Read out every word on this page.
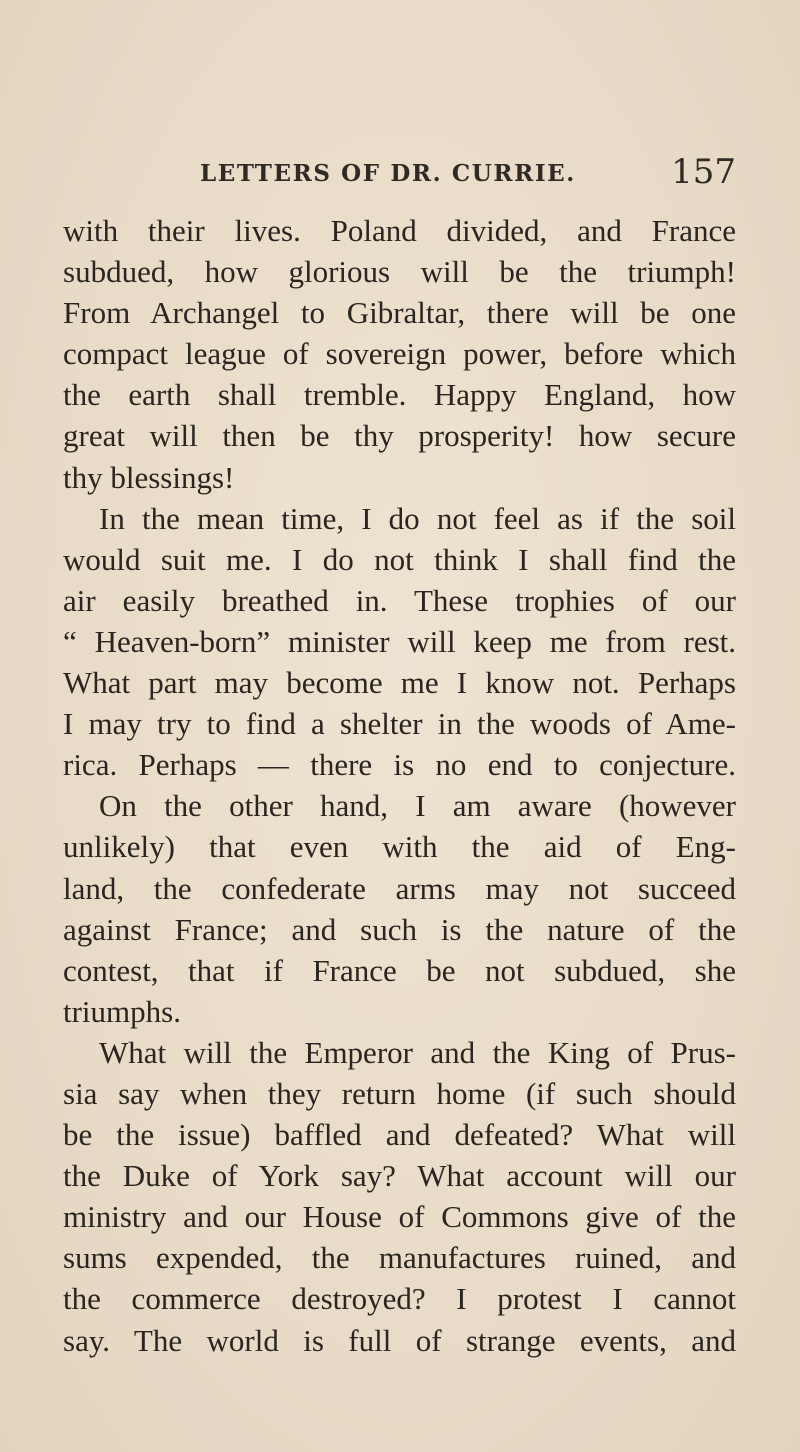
LETTERS OF DR. CURRIE.	157
with their lives. Poland divided, and France
subdued, how glorious will be the triumph!
From Archangel to Gibraltar, there will be one
compact league of sovereign power, before which
the earth shall tremble. Happy England, how
great will then be thy prosperity! how secure
thy blessings!
In the mean time, I do not feel as if the soil
would suit me. I do not think I shall find the
air easily breathed in. These trophies of our
“ Heaven-born” minister will keep me from rest.
What part may become me I know not. Perhaps
I may try to find a shelter in the woods of Ame-
rica. Perhaps — there is no end to conjecture.
On the other hand, I am aware (however
unlikely) that even with the aid of Eng-
land, the confederate arms may not succeed
against France; and such is the nature of the
contest, that if France be not subdued, she
triumphs.
What will the Emperor and the King of Prus-
sia say when they return home (if such should
be the issue) baffled and defeated? What will
the Duke of York say? What account will our
ministry and our House of Commons give of the
sums expended, the manufactures ruined, and
the commerce destroyed? I protest I cannot
say. The world is full of strange events, and
